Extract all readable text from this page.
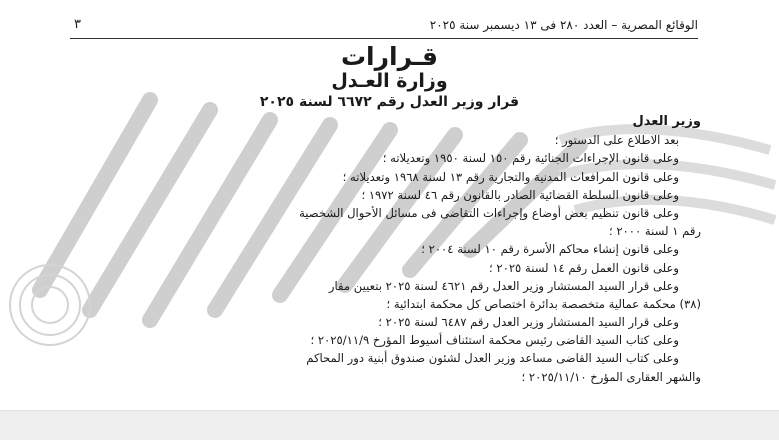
الوقائع المصرية – العدد ٢٨٠ فى ١٣ ديسمبر سنة ٢٠٢٥
٣
قـرارات
وزارة العـدل
قرار وزير العدل رقم ٦٦٧٢ لسنة ٢٠٢٥
وزير العدل
بعد الاطلاع على الدستور ؛
وعلى قانون الإجراءات الجنائية رقم ١٥٠ لسنة ١٩٥٠ وتعديلاته ؛
وعلى قانون المرافعات المدنية والتجارية رقم ١٣ لسنة ١٩٦٨ وتعديلاته ؛
وعلى قانون السلطة القضائية الصادر بالقانون رقم ٤٦ لسنة ١٩٧٢ ؛
وعلى قانون تنظيم بعض أوضاع وإجراءات التقاضى فى مسائل الأحوال الشخصية
رقم ١ لسنة ٢٠٠٠ ؛
وعلى قانون إنشاء محاكم الأسرة رقم ١٠ لسنة ٢٠٠٤ ؛
وعلى قانون العمل رقم ١٤ لسنة ٢٠٢٥ ؛
وعلى قرار السيد المستشار وزير العدل رقم ٤٦٢١ لسنة ٢٠٢٥ بتعيين مقار
(٣٨) محكمة عمالية متخصصة بدائرة اختصاص كل محكمة ابتدائية ؛
وعلى قرار السيد المستشار وزير العدل رقم ٦٤٨٧ لسنة ٢٠٢٥ ؛
وعلى كتاب السيد القاضى رئيس محكمة استئناف أسيوط المؤرخ ٢٠٢٥/١١/٩ ؛
وعلى كتاب السيد القاضى مساعد وزير العدل لشئون صندوق أبنية دور المحاكم
والشهر العقارى المؤرخ ٢٠٢٥/١١/١٠ ؛
